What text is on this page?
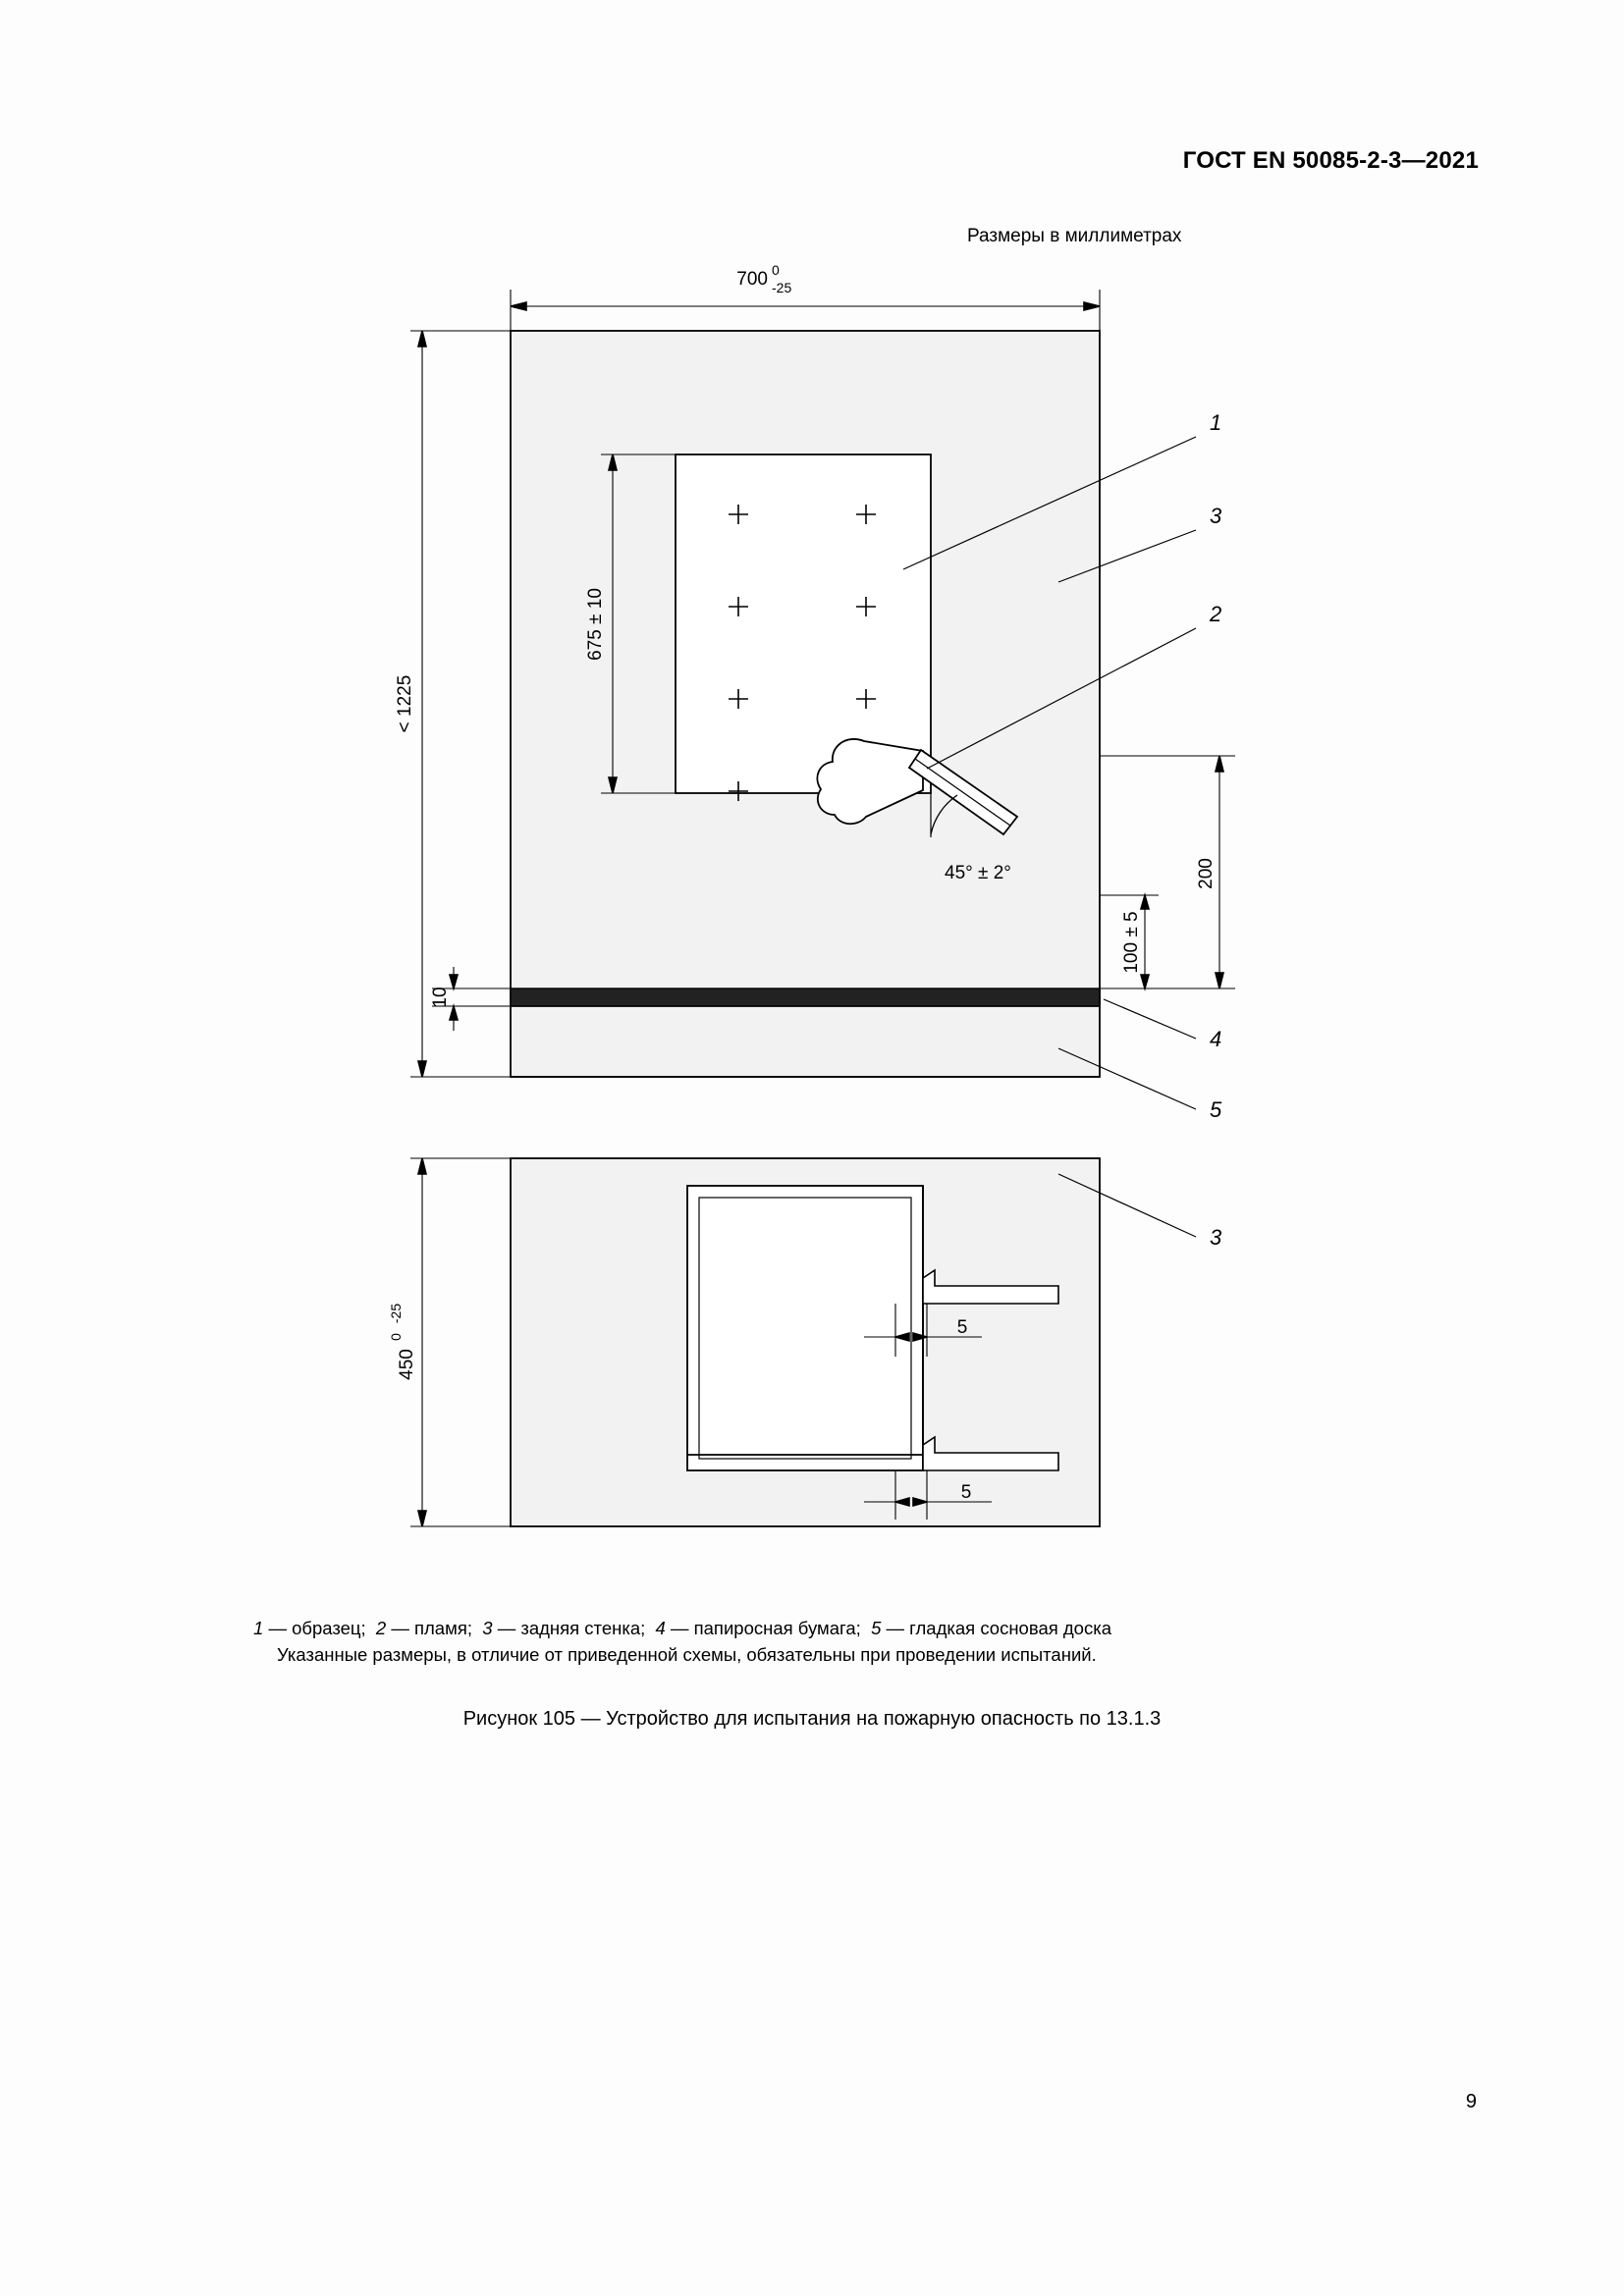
ГОСТ EN 50085-2-3—2021
Размеры в миллиметрах
700 0
-25
< 1225
675 ± 10
45° ± 2°
100 ± 5
200
10
450
0
-25
5
5
1
3
2
4
5
3
1 — образец; 2 — пламя; 3 — задняя стенка; 4 — папиросная бумага; 5 — гладкая сосновая доска
Указанные размеры, в отличие от приведенной схемы, обязательны при проведении испытаний.
Рисунок 105 — Устройство для испытания на пожарную опасность по 13.1.3
9
